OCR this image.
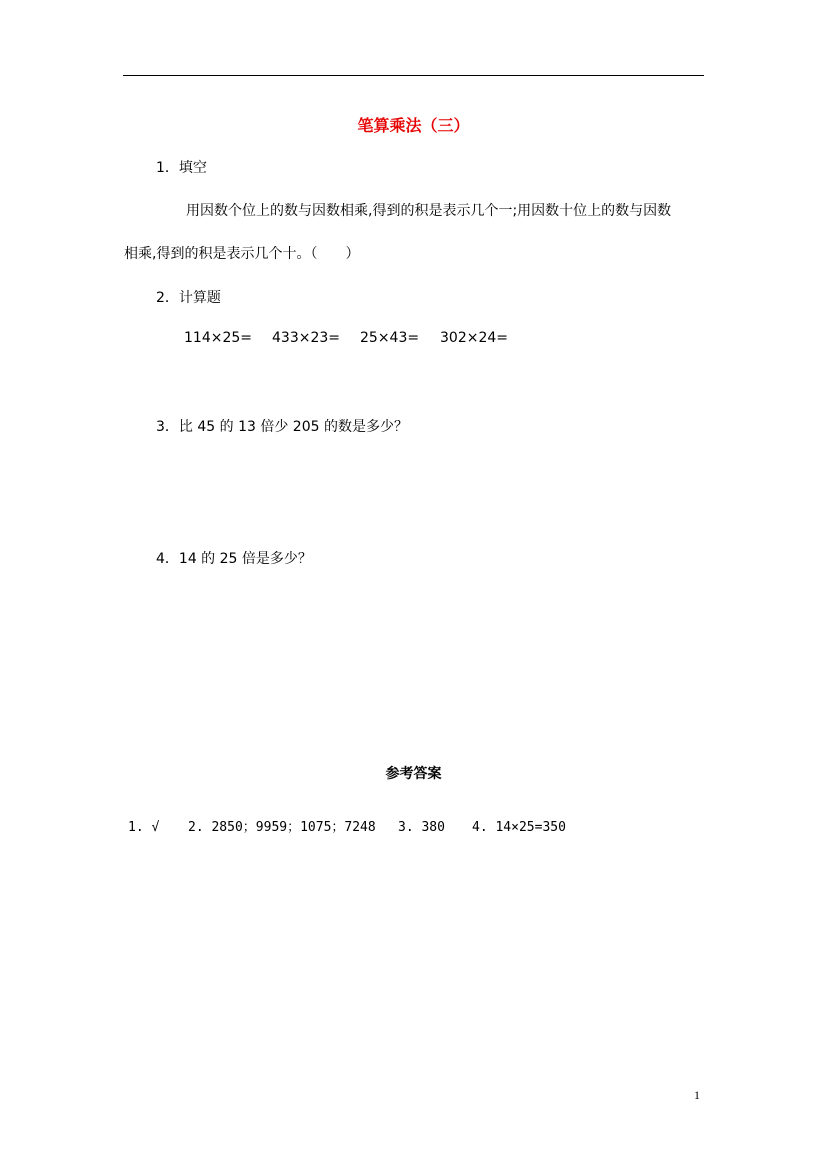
笔算乘法（三）
1．填空
用因数个位上的数与因数相乘,得到的积是表示几个一;用因数十位上的数与因数
相乘,得到的积是表示几个十。（　　）
2．计算题
114×25= 433×23= 25×43= 302×24=
3．比 45 的 13 倍少 205 的数是多少？
4．14 的 25 倍是多少？
参考答案
1. √ 2. 2850；9959；1075；7248 3. 380 4. 14×25=350
1
